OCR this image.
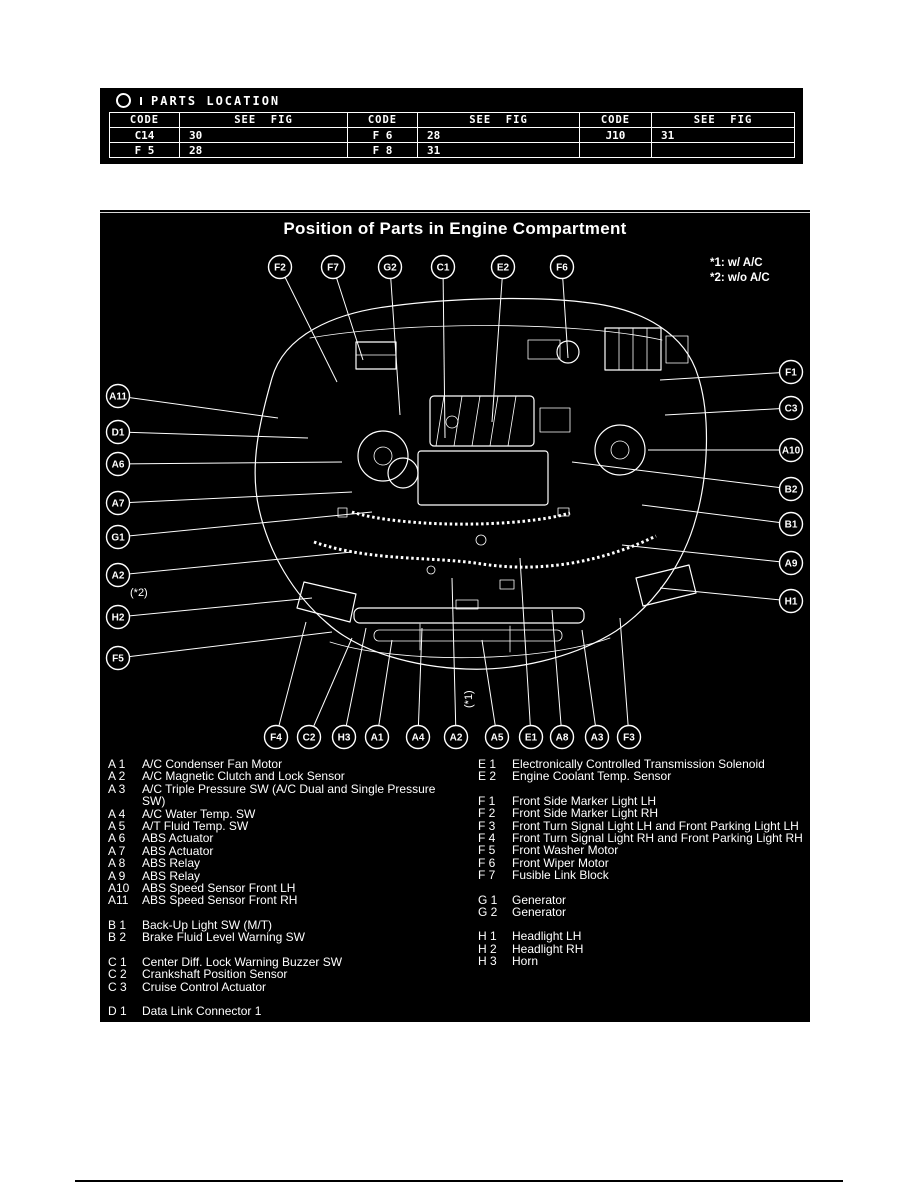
PARTS LOCATION
CODE	SEE  FIG	CODE	SEE  FIG	CODE	SEE  FIG
C14	30	F 6	28	J10	31
F 5	28	F 8	31		
Position of Parts in Engine Compartment
*1: w/ A/C
*2: w/o A/C
F2	F7	G2	C1	E2	F6
F1
C3
A10
B2
B1
A9
H1
A11
D1
A6
A7
G1
A2
H2
F5
F4 C2 H3 A1	A4	A2	A5 E1 A8 A3 F3
(*2)
(*1)
A 1	A/C Condenser Fan Motor
A 2	A/C Magnetic Clutch and Lock Sensor
A 3	A/C Triple Pressure SW (A/C Dual and Single Pressure SW)
A 4	A/C Water Temp. SW
A 5	A/T Fluid Temp. SW
A 6	ABS Actuator
A 7	ABS Actuator
A 8	ABS Relay
A 9	ABS Relay
A10	ABS Speed Sensor Front LH
A11	ABS Speed Sensor Front RH
B 1	Back-Up Light SW (M/T)
B 2	Brake Fluid Level Warning SW
C 1	Center Diff. Lock Warning Buzzer SW
C 2	Crankshaft Position Sensor
C 3	Cruise Control Actuator
D 1	Data Link Connector 1
E 1	Electronically Controlled Transmission Solenoid
E 2	Engine Coolant Temp. Sensor
F 1	Front Side Marker Light LH
F 2	Front Side Marker Light RH
F 3	Front Turn Signal Light LH and Front Parking Light LH
F 4	Front Turn Signal Light RH and Front Parking Light RH
F 5	Front Washer Motor
F 6	Front Wiper Motor
F 7	Fusible Link Block
G 1	Generator
G 2	Generator
H 1	Headlight LH
H 2	Headlight RH
H 3	Horn
